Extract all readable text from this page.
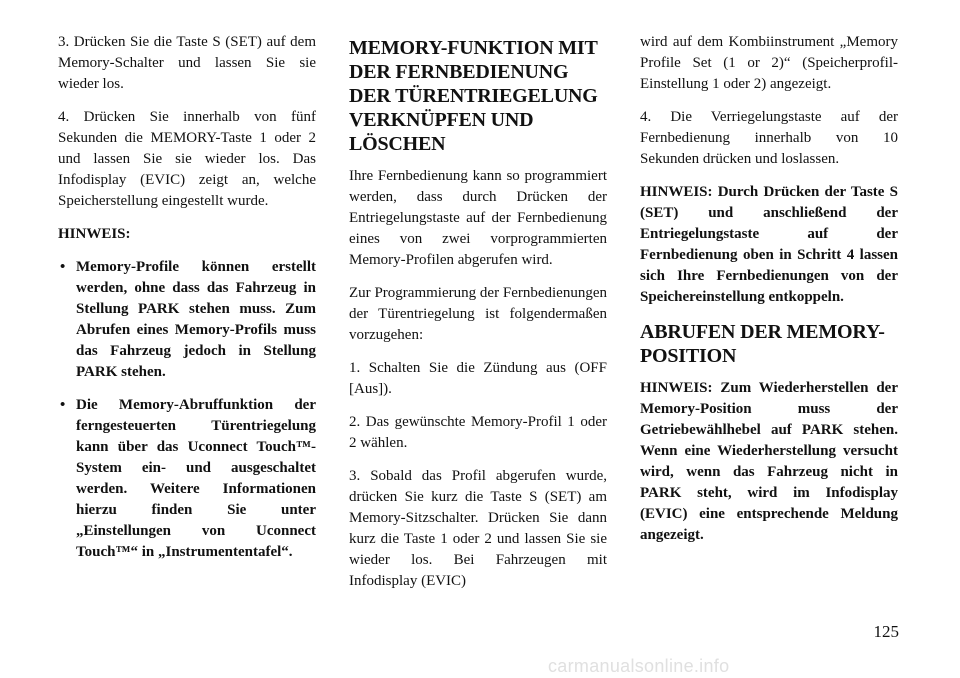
3. Drücken Sie die Taste S (SET) auf dem Memory-Schalter und lassen Sie sie wieder los.

4. Drücken Sie innerhalb von fünf Sekunden die MEMORY-Taste 1 oder 2 und lassen Sie sie wieder los. Das Infodisplay (EVIC) zeigt an, welche Speicherstellung eingestellt wurde.

HINWEIS:

• Memory-Profile können erstellt werden, ohne dass das Fahrzeug in Stellung PARK stehen muss. Zum Abrufen eines Memory-Profils muss das Fahrzeug jedoch in Stellung PARK stehen.
• Die Memory-Abruffunktion der ferngesteuerten Türentriegelung kann über das Uconnect Touch™-System ein- und ausgeschaltet werden. Weitere Informationen hierzu finden Sie unter „Einstellungen von Uconnect Touch™“ in „Instrumententafel“.
MEMORY-FUNKTION MIT DER FERNBEDIENUNG DER TÜRENTRIEGELUNG VERKNÜPFEN UND LÖSCHEN

Ihre Fernbedienung kann so programmiert werden, dass durch Drücken der Entriegelungstaste auf der Fernbedienung eines von zwei vorprogrammierten Memory-Profilen abgerufen wird.

Zur Programmierung der Fernbedienungen der Türentriegelung ist folgendermaßen vorzugehen:

1. Schalten Sie die Zündung aus (OFF [Aus]).

2. Das gewünschte Memory-Profil 1 oder 2 wählen.

3. Sobald das Profil abgerufen wurde, drücken Sie kurz die Taste S (SET) am Memory-Sitzschalter. Drücken Sie dann kurz die Taste 1 oder 2 und lassen Sie sie wieder los. Bei Fahrzeugen mit Infodisplay (EVIC)

wird auf dem Kombiinstrument „Memory Profile Set (1 or 2)“ (Speicherprofil-Einstellung 1 oder 2) angezeigt.

4. Die Verriegelungstaste auf der Fernbedienung innerhalb von 10 Sekunden drücken und loslassen.

HINWEIS: Durch Drücken der Taste S (SET) und anschließend der Entriegelungstaste auf der Fernbedienung oben in Schritt 4 lassen sich Ihre Fernbedienungen von der Speichereinstellung entkoppeln.

ABRUFEN DER MEMORY-POSITION

HINWEIS: Zum Wiederherstellen der Memory-Position muss der Getriebewählhebel auf PARK stehen. Wenn eine Wiederherstellung versucht wird, wenn das Fahrzeug nicht in PARK steht, wird im Infodisplay (EVIC) eine entsprechende Meldung angezeigt.

125
carmanualsonline.info
